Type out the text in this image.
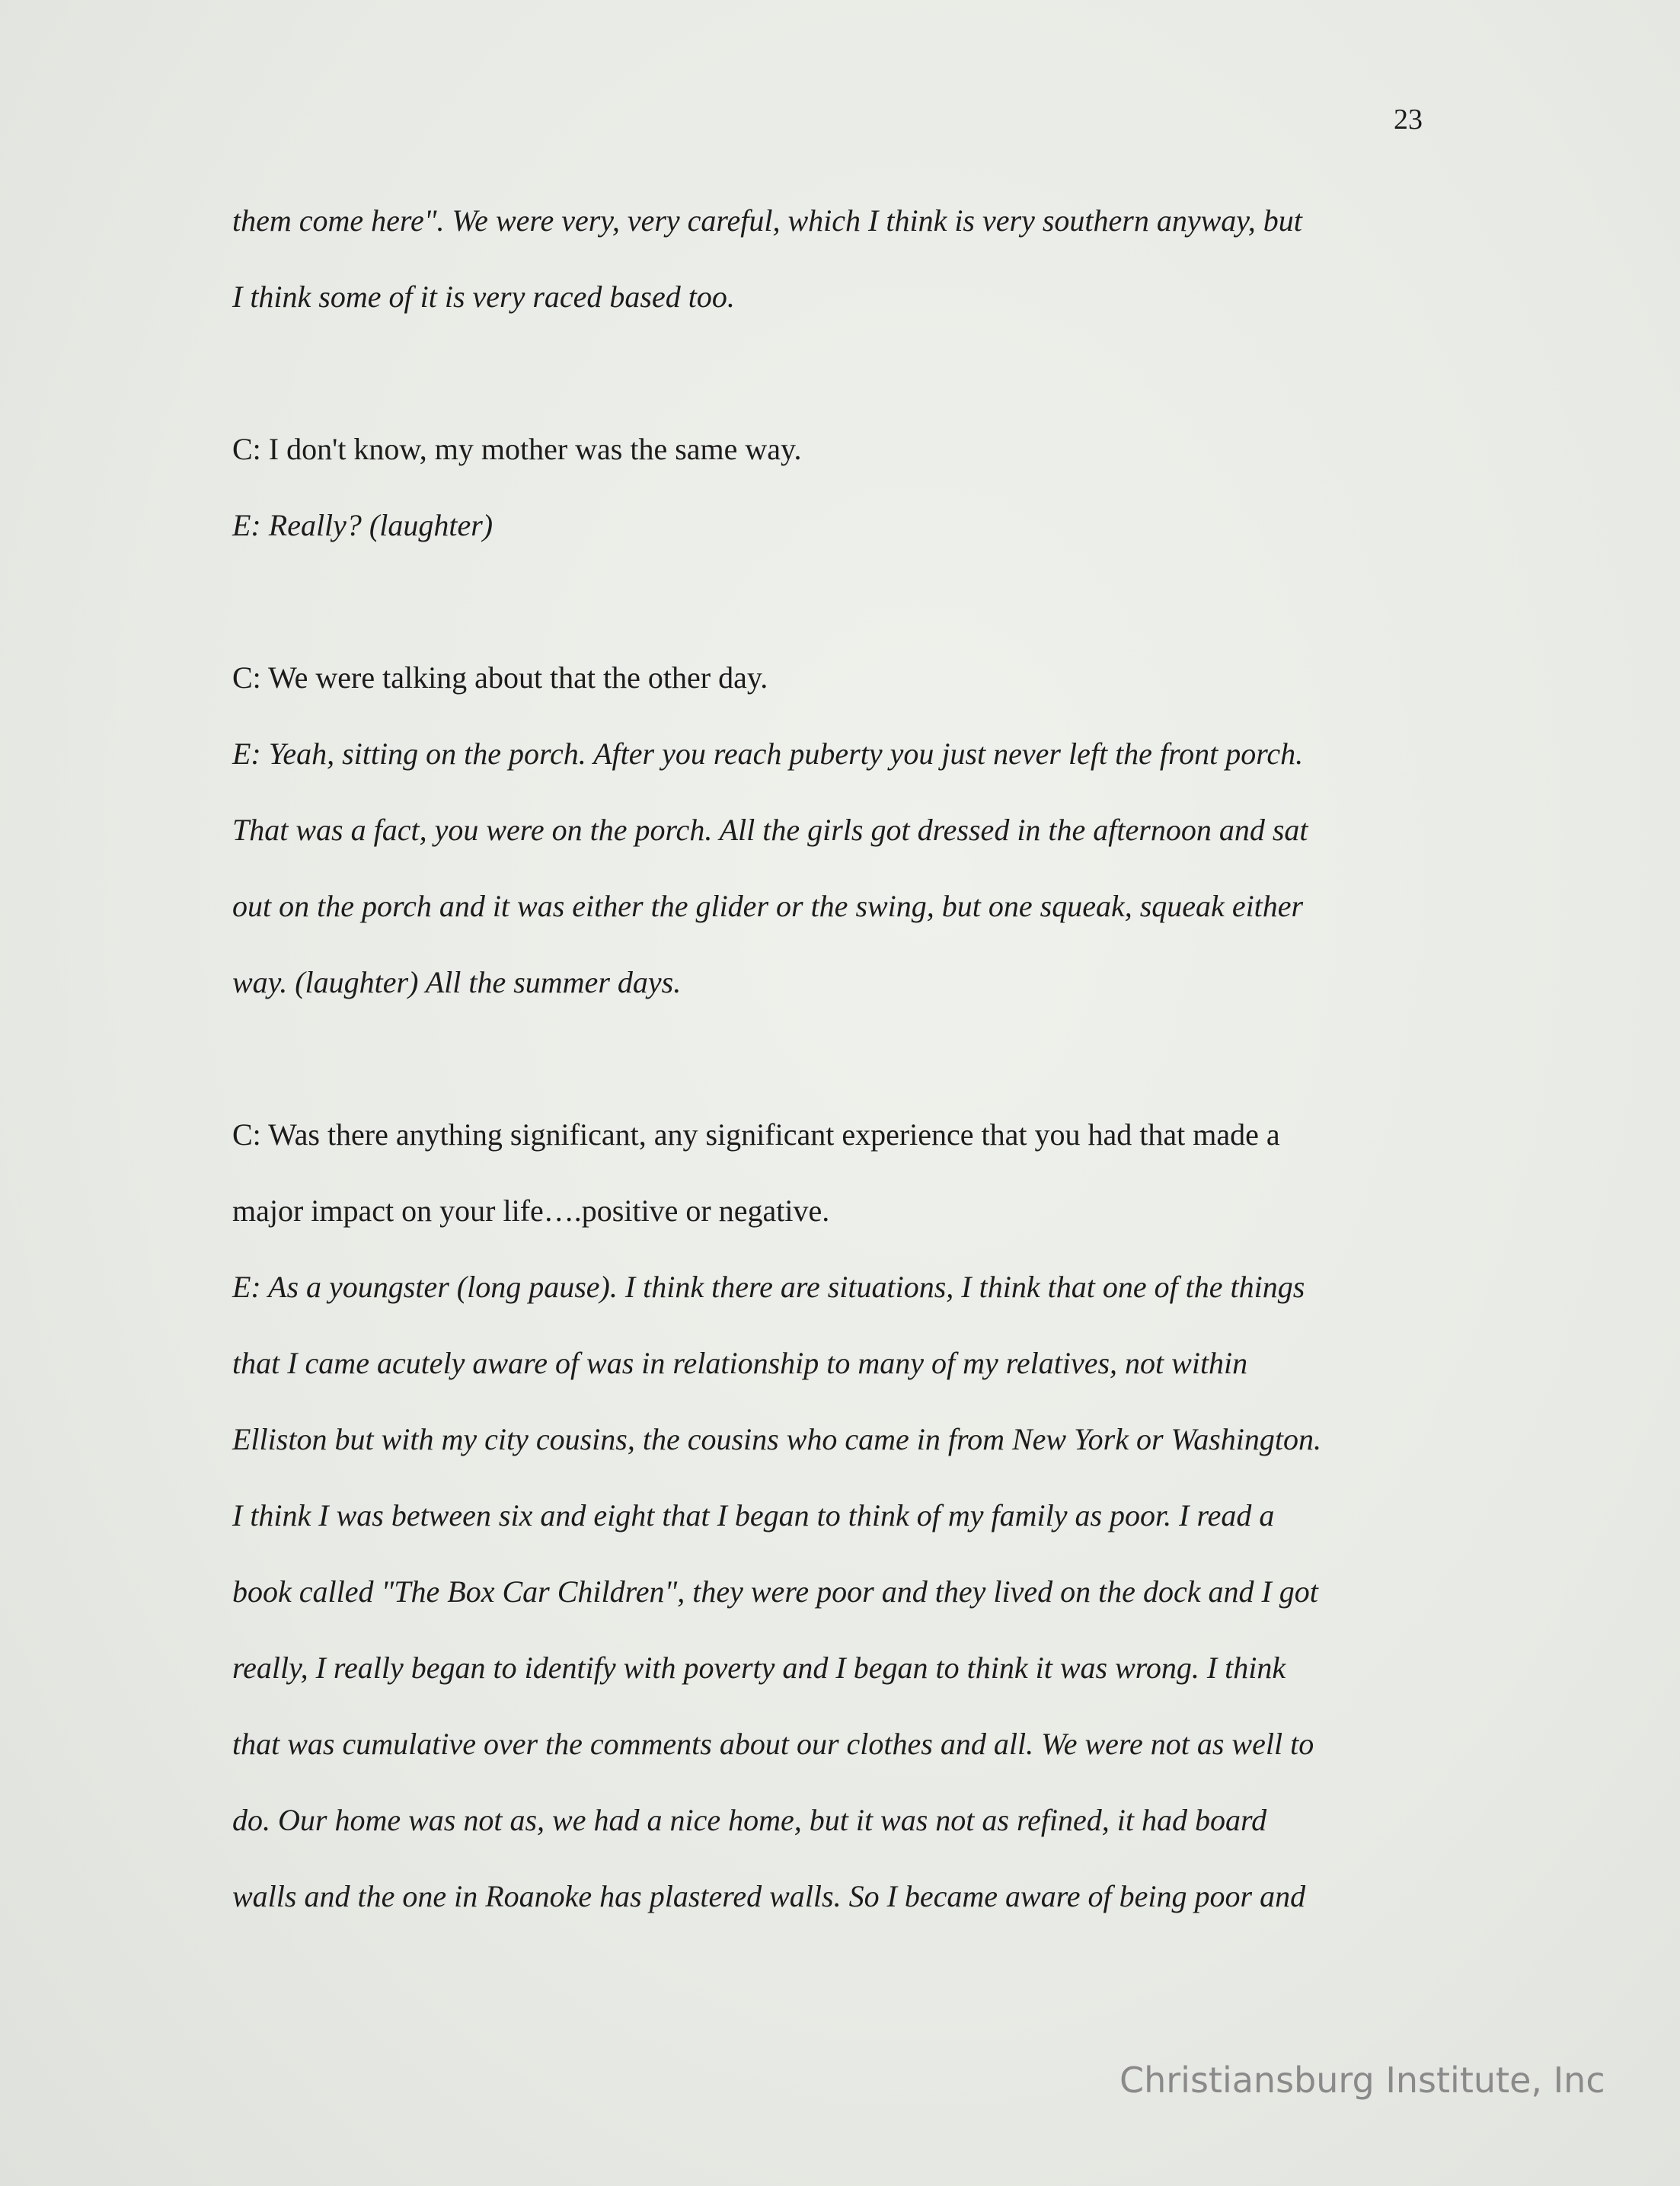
23
them come here". We were very, very careful, which I think is very southern anyway, but
I think some of it is very raced based too.
C: I don't know, my mother was the same way.
E: Really? (laughter)
C: We were talking about that the other day.
E: Yeah, sitting on the porch. After you reach puberty you just never left the front porch.
That was a fact, you were on the porch. All the girls got dressed in the afternoon and sat
out on the porch and it was either the glider or the swing, but one squeak, squeak either
way. (laughter) All the summer days.
C: Was there anything significant, any significant experience that you had that made a
major impact on your life….positive or negative.
E: As a youngster (long pause). I think there are situations, I think that one of the things
that I came acutely aware of was in relationship to many of my relatives, not within
Elliston but with my city cousins, the cousins who came in from New York or Washington.
I think I was between six and eight that I began to think of my family as poor. I read a
book called "The Box Car Children", they were poor and they lived on the dock and I got
really, I really began to identify with poverty and I began to think it was wrong. I think
that was cumulative over the comments about our clothes and all. We were not as well to
do. Our home was not as, we had a nice home, but it was not as refined, it had board
walls and the one in Roanoke has plastered walls. So I became aware of being poor and
Christiansburg Institute, Inc
